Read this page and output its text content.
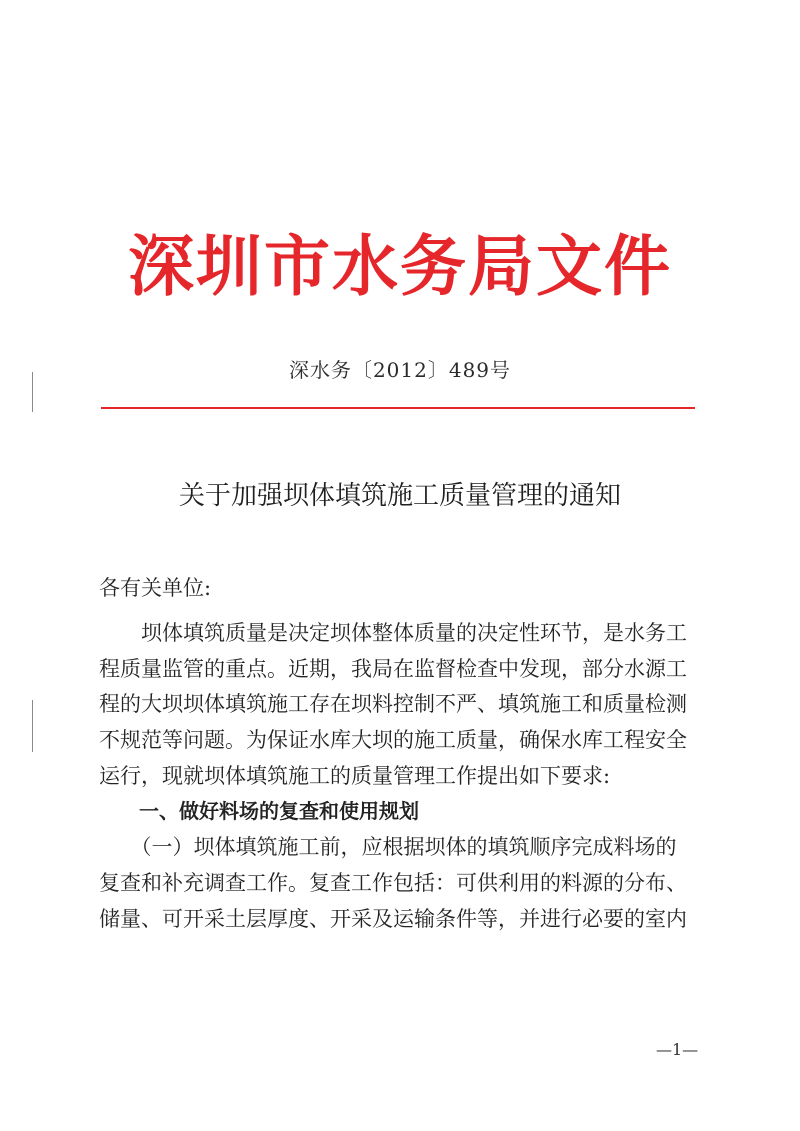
深圳市水务局文件
深水务〔2012〕489号
关于加强坝体填筑施工质量管理的通知
各有关单位:
　　坝体填筑质量是决定坝体整体质量的决定性环节，是水务工
程质量监管的重点。近期，我局在监督检查中发现，部分水源工
程的大坝坝体填筑施工存在坝料控制不严、填筑施工和质量检测
不规范等问题。为保证水库大坝的施工质量，确保水库工程安全
运行，现就坝体填筑施工的质量管理工作提出如下要求:
　　一、做好料场的复查和使用规划
　　（一）坝体填筑施工前，应根据坝体的填筑顺序完成料场的
复查和补充调查工作。复查工作包括：可供利用的料源的分布、
储量、可开采土层厚度、开采及运输条件等，并进行必要的室内
—1—
